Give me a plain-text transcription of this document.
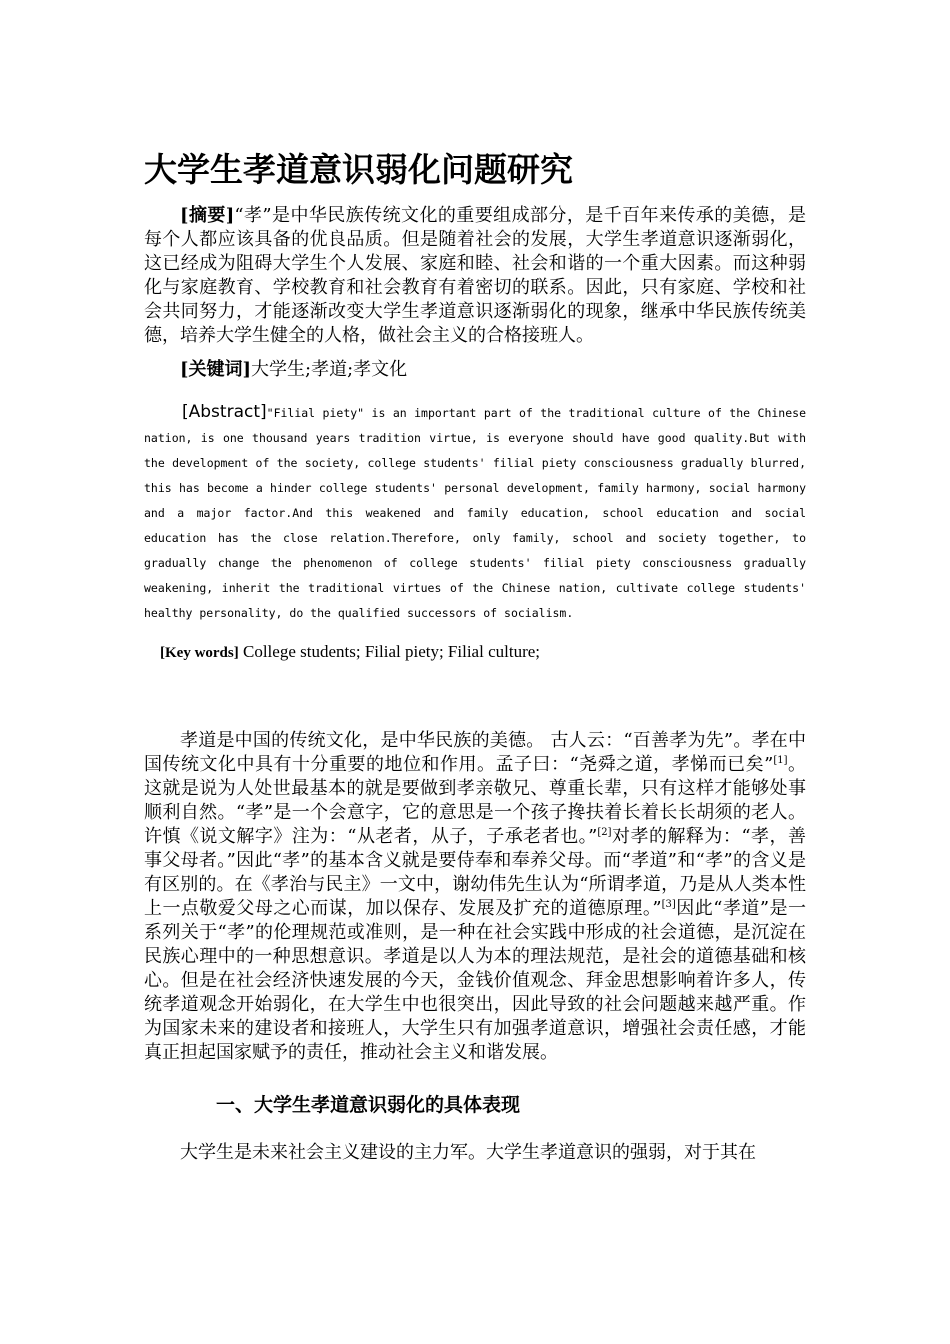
大学生孝道意识弱化问题研究

[摘要]“孝”是中华民族传统文化的重要组成部分，是千百年来传承的美德，是每个人都应该具备的优良品质。但是随着社会的发展，大学生孝道意识逐渐弱化，这已经成为阻碍大学生个人发展、家庭和睦、社会和谐的一个重大因素。而这种弱化与家庭教育、学校教育和社会教育有着密切的联系。因此，只有家庭、学校和社会共同努力，才能逐渐改变大学生孝道意识逐渐弱化的现象，继承中华民族传统美德，培养大学生健全的人格，做社会主义的合格接班人。

[关键词]大学生;孝道;孝文化

[Abstract]"Filial piety" is an important part of the traditional culture of the Chinese nation, is one thousand years tradition virtue, is everyone should have good quality.But with the development of the society, college students' filial piety consciousness gradually blurred, this has become a hinder college students' personal development, family harmony, social harmony and a major factor.And this weakened and family education, school education and social education has the close relation.Therefore, only family, school and society together, to gradually change the phenomenon of college students' filial piety consciousness gradually weakening, inherit the traditional virtues of the Chinese nation, cultivate college students' healthy personality, do the qualified successors of socialism.

[Key words] College students; Filial piety; Filial culture;

孝道是中国的传统文化，是中华民族的美德。 古人云：“百善孝为先”。孝在中国传统文化中具有十分重要的地位和作用。孟子曰：“尧舜之道，孝悌而已矣”[1]。这就是说为人处世最基本的就是要做到孝亲敬兄、尊重长辈，只有这样才能够处事顺利自然。“孝”是一个会意字，它的意思是一个孩子搀扶着长着长长胡须的老人。许慎《说文解字》注为：“从老者，从子，子承老者也。”[2]对孝的解释为：“孝，善事父母者。”因此“孝”的基本含义就是要侍奉和奉养父母。而“孝道”和“孝”的含义是有区别的。在《孝治与民主》一文中，谢幼伟先生认为“所谓孝道，乃是从人类本性上一点敬爱父母之心而谋，加以保存、发展及扩充的道德原理。”[3]因此“孝道”是一系列关于“孝”的伦理规范或准则，是一种在社会实践中形成的社会道德，是沉淀在民族心理中的一种思想意识。孝道是以人为本的理法规范，是社会的道德基础和核心。但是在社会经济快速发展的今天，金钱价值观念、拜金思想影响着许多人，传统孝道观念开始弱化，在大学生中也很突出，因此导致的社会问题越来越严重。作为国家未来的建设者和接班人，大学生只有加强孝道意识，增强社会责任感，才能真正担起国家赋予的责任，推动社会主义和谐发展。

一、大学生孝道意识弱化的具体表现

大学生是未来社会主义建设的主力军。大学生孝道意识的强弱，对于其在
